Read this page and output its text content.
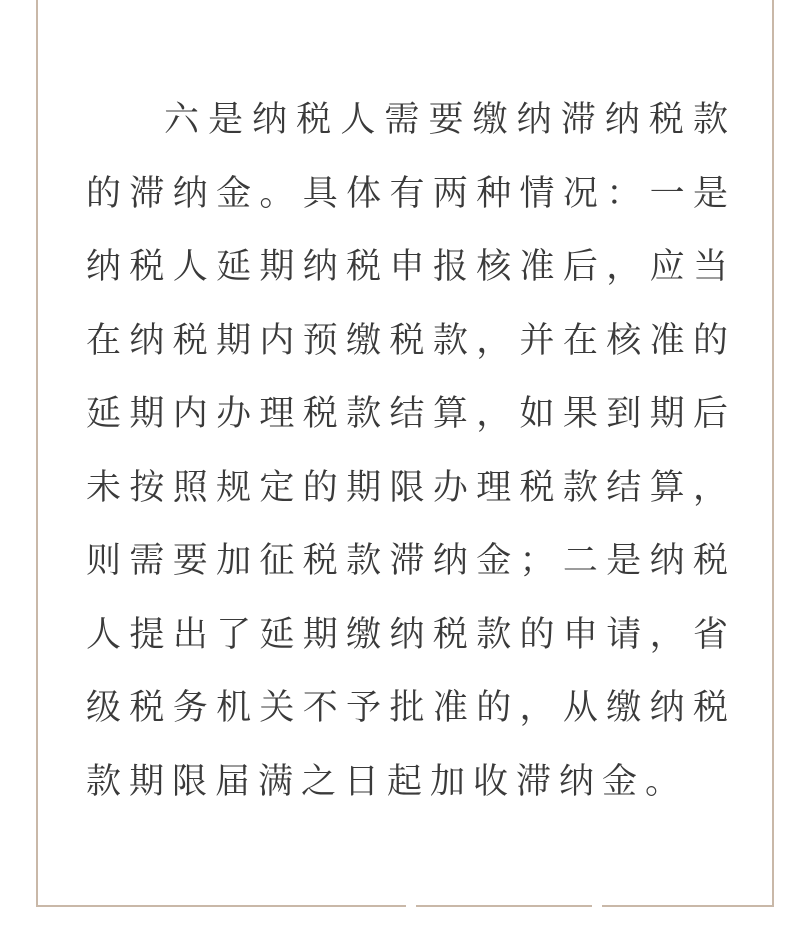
六是纳税人需要缴纳滞纳税款的滞纳金。具体有两种情况：一是纳税人延期纳税申报核准后，应当在纳税期内预缴税款，并在核准的延期内办理税款结算，如果到期后未按照规定的期限办理税款结算，则需要加征税款滞纳金；二是纳税人提出了延期缴纳税款的申请，省级税务机关不予批准的，从缴纳税款期限届满之日起加收滞纳金。
